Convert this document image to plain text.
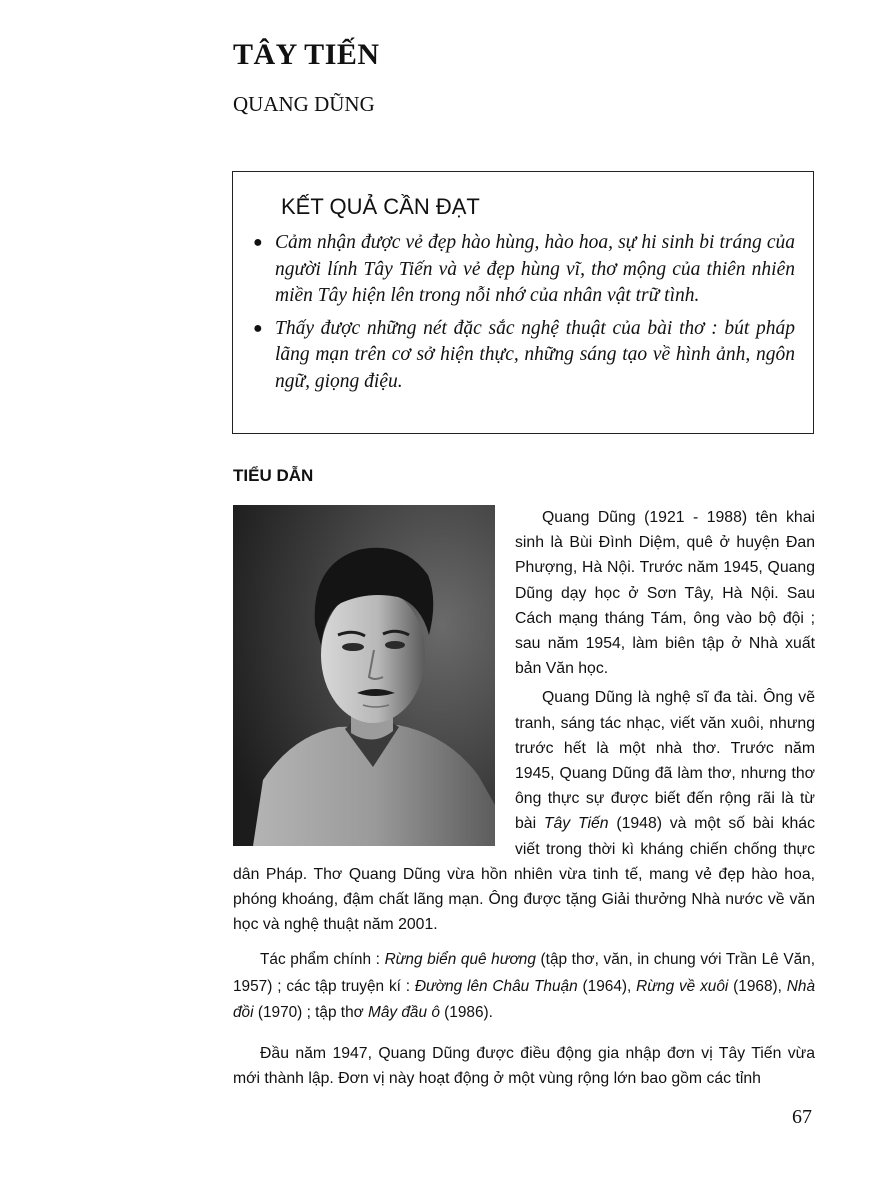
TÂY TIẾN
QUANG DŨNG
KẾT QUẢ CẦN ĐẠT
● Cảm nhận được vẻ đẹp hào hùng, hào hoa, sự hi sinh bi tráng của người lính Tây Tiến và vẻ đẹp hùng vĩ, thơ mộng của thiên nhiên miền Tây hiện lên trong nỗi nhớ của nhân vật trữ tình.
● Thấy được những nét đặc sắc nghệ thuật của bài thơ : bút pháp lãng mạn trên cơ sở hiện thực, những sáng tạo về hình ảnh, ngôn ngữ, giọng điệu.
TIỂU DẪN

Quang Dũng (1921 - 1988) tên khai sinh là Bùi Đình Diệm, quê ở huyện Đan Phượng, Hà Nội. Trước năm 1945, Quang Dũng dạy học ở Sơn Tây, Hà Nội. Sau Cách mạng tháng Tám, ông vào bộ đội ; sau năm 1954, làm biên tập ở Nhà xuất bản Văn học.

Quang Dũng là nghệ sĩ đa tài. Ông vẽ tranh, sáng tác nhạc, viết văn xuôi, nhưng trước hết là một nhà thơ. Trước năm 1945, Quang Dũng đã làm thơ, nhưng thơ ông thực sự được biết đến rộng rãi là từ bài Tây Tiến (1948) và một số bài khác viết trong thời kì kháng chiến chống thực dân Pháp. Thơ Quang Dũng vừa hồn nhiên vừa tinh tế, mang vẻ đẹp hào hoa, phóng khoáng, đậm chất lãng mạn. Ông được tặng Giải thưởng Nhà nước về văn học và nghệ thuật năm 2001.

Tác phẩm chính : Rừng biển quê hương (tập thơ, văn, in chung với Trần Lê Văn, 1957) ; các tập truyện kí : Đường lên Châu Thuận (1964), Rừng về xuôi (1968), Nhà đồi (1970) ; tập thơ Mây đầu ô (1986).

Đầu năm 1947, Quang Dũng được điều động gia nhập đơn vị Tây Tiến vừa mới thành lập. Đơn vị này hoạt động ở một vùng rộng lớn bao gồm các tỉnh

67
